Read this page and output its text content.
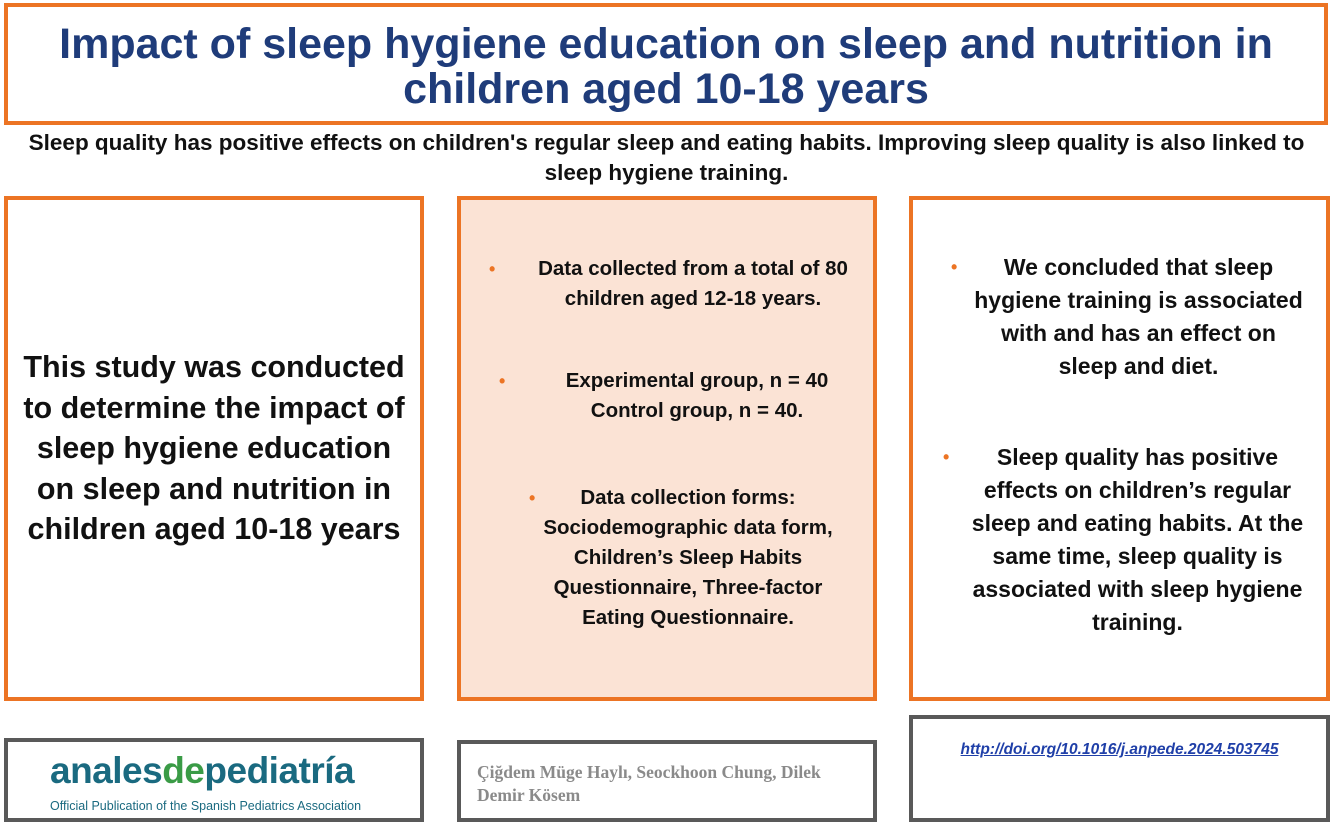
Impact of sleep hygiene education on sleep and nutrition in children aged 10-18 years

Sleep quality has positive effects on children's regular sleep and eating habits. Improving sleep quality is also linked to sleep hygiene training.

This study was conducted to determine the impact of sleep hygiene education on sleep and nutrition in children aged 10-18 years

• Data collected from a total of 80 children aged 12-18 years.
•	Experimental group, n = 40 Control group, n = 40.
• Data collection forms: Sociodemographic data form, Children’s Sleep Habits Questionnaire, Three-factor Eating Questionnaire.
• We concluded that sleep hygiene training is associated with and has an effect on sleep and diet.
• Sleep quality has positive effects on children’s regular sleep and eating habits. At the same time, sleep quality is associated with sleep hygiene training.

analesdepediatría

Official Publication of the Spanish Pediatrics Association

Çiğdem Müge Haylı, Seockhoon Chung, Dilek Demir Kösem

http://doi.org/10.1016/j.anpede.2024.503745
